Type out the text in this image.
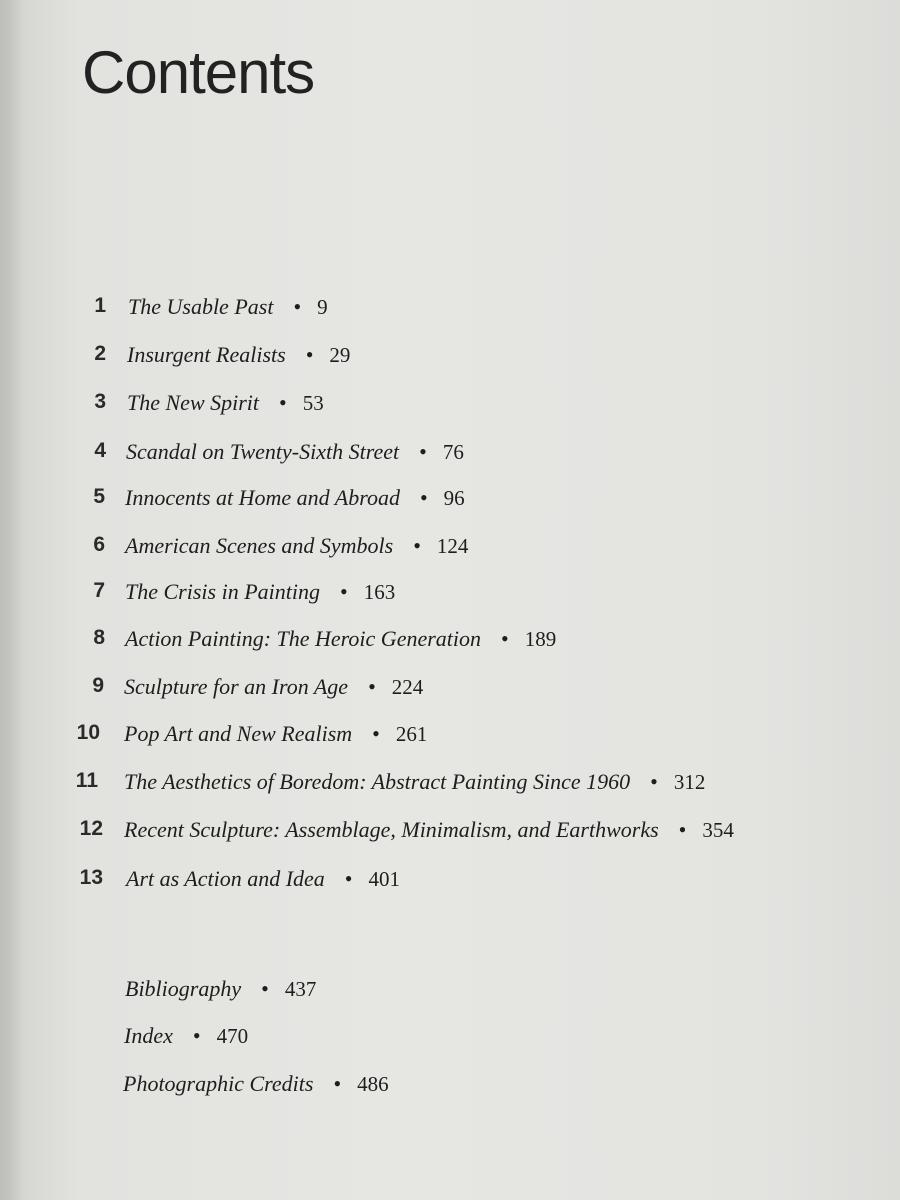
Contents
1 The Usable Past • 9
2 Insurgent Realists • 29
3 The New Spirit • 53
4 Scandal on Twenty-Sixth Street • 76
5 Innocents at Home and Abroad • 96
6 American Scenes and Symbols • 124
7 The Crisis in Painting • 163
8 Action Painting: The Heroic Generation • 189
9 Sculpture for an Iron Age • 224
10 Pop Art and New Realism • 261
11 The Aesthetics of Boredom: Abstract Painting Since 1960 • 312
12 Recent Sculpture: Assemblage, Minimalism, and Earthworks • 354
13 Art as Action and Idea • 401
Bibliography • 437
Index • 470
Photographic Credits • 486
